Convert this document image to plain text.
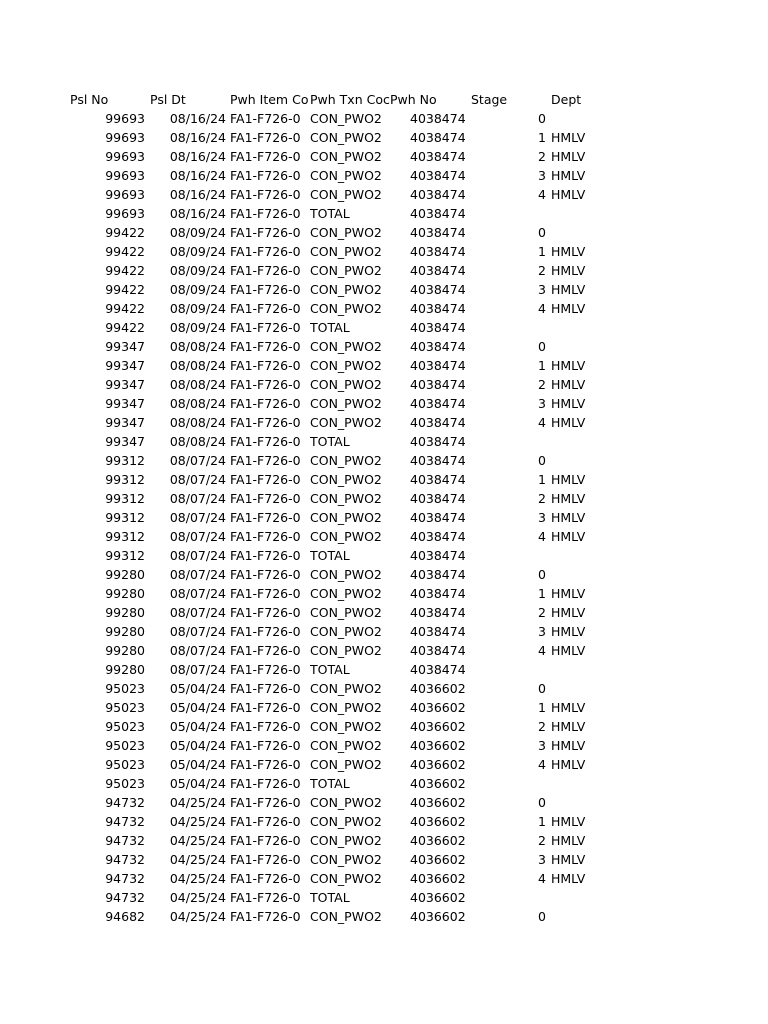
Psl No	Psl Dt	Pwh Item Co Pwh Txn Coc Pwh No	Stage	Dept
99693	08/16/24 FA1-F726-0 CON_PWO2	4038474	0
99693	08/16/24 FA1-F726-0 CON_PWO2	4038474	1 HMLV
99693	08/16/24 FA1-F726-0 CON_PWO2	4038474	2 HMLV
99693	08/16/24 FA1-F726-0 CON_PWO2	4038474	3 HMLV
99693	08/16/24 FA1-F726-0 CON_PWO2	4038474	4 HMLV
99693	08/16/24 FA1-F726-0 TOTAL	4038474
99422	08/09/24 FA1-F726-0 CON_PWO2	4038474	0
99422	08/09/24 FA1-F726-0 CON_PWO2	4038474	1 HMLV
99422	08/09/24 FA1-F726-0 CON_PWO2	4038474	2 HMLV
99422	08/09/24 FA1-F726-0 CON_PWO2	4038474	3 HMLV
99422	08/09/24 FA1-F726-0 CON_PWO2	4038474	4 HMLV
99422	08/09/24 FA1-F726-0 TOTAL	4038474
99347	08/08/24 FA1-F726-0 CON_PWO2	4038474	0
99347	08/08/24 FA1-F726-0 CON_PWO2	4038474	1 HMLV
99347	08/08/24 FA1-F726-0 CON_PWO2	4038474	2 HMLV
99347	08/08/24 FA1-F726-0 CON_PWO2	4038474	3 HMLV
99347	08/08/24 FA1-F726-0 CON_PWO2	4038474	4 HMLV
99347	08/08/24 FA1-F726-0 TOTAL	4038474
99312	08/07/24 FA1-F726-0 CON_PWO2	4038474	0
99312	08/07/24 FA1-F726-0 CON_PWO2	4038474	1 HMLV
99312	08/07/24 FA1-F726-0 CON_PWO2	4038474	2 HMLV
99312	08/07/24 FA1-F726-0 CON_PWO2	4038474	3 HMLV
99312	08/07/24 FA1-F726-0 CON_PWO2	4038474	4 HMLV
99312	08/07/24 FA1-F726-0 TOTAL	4038474
99280	08/07/24 FA1-F726-0 CON_PWO2	4038474	0
99280	08/07/24 FA1-F726-0 CON_PWO2	4038474	1 HMLV
99280	08/07/24 FA1-F726-0 CON_PWO2	4038474	2 HMLV
99280	08/07/24 FA1-F726-0 CON_PWO2	4038474	3 HMLV
99280	08/07/24 FA1-F726-0 CON_PWO2	4038474	4 HMLV
99280	08/07/24 FA1-F726-0 TOTAL	4038474
95023	05/04/24 FA1-F726-0 CON_PWO2	4036602	0
95023	05/04/24 FA1-F726-0 CON_PWO2	4036602	1 HMLV
95023	05/04/24 FA1-F726-0 CON_PWO2	4036602	2 HMLV
95023	05/04/24 FA1-F726-0 CON_PWO2	4036602	3 HMLV
95023	05/04/24 FA1-F726-0 CON_PWO2	4036602	4 HMLV
95023	05/04/24 FA1-F726-0 TOTAL	4036602
94732	04/25/24 FA1-F726-0 CON_PWO2	4036602	0
94732	04/25/24 FA1-F726-0 CON_PWO2	4036602	1 HMLV
94732	04/25/24 FA1-F726-0 CON_PWO2	4036602	2 HMLV
94732	04/25/24 FA1-F726-0 CON_PWO2	4036602	3 HMLV
94732	04/25/24 FA1-F726-0 CON_PWO2	4036602	4 HMLV
94732	04/25/24 FA1-F726-0 TOTAL	4036602
94682	04/25/24 FA1-F726-0 CON_PWO2	4036602	0
